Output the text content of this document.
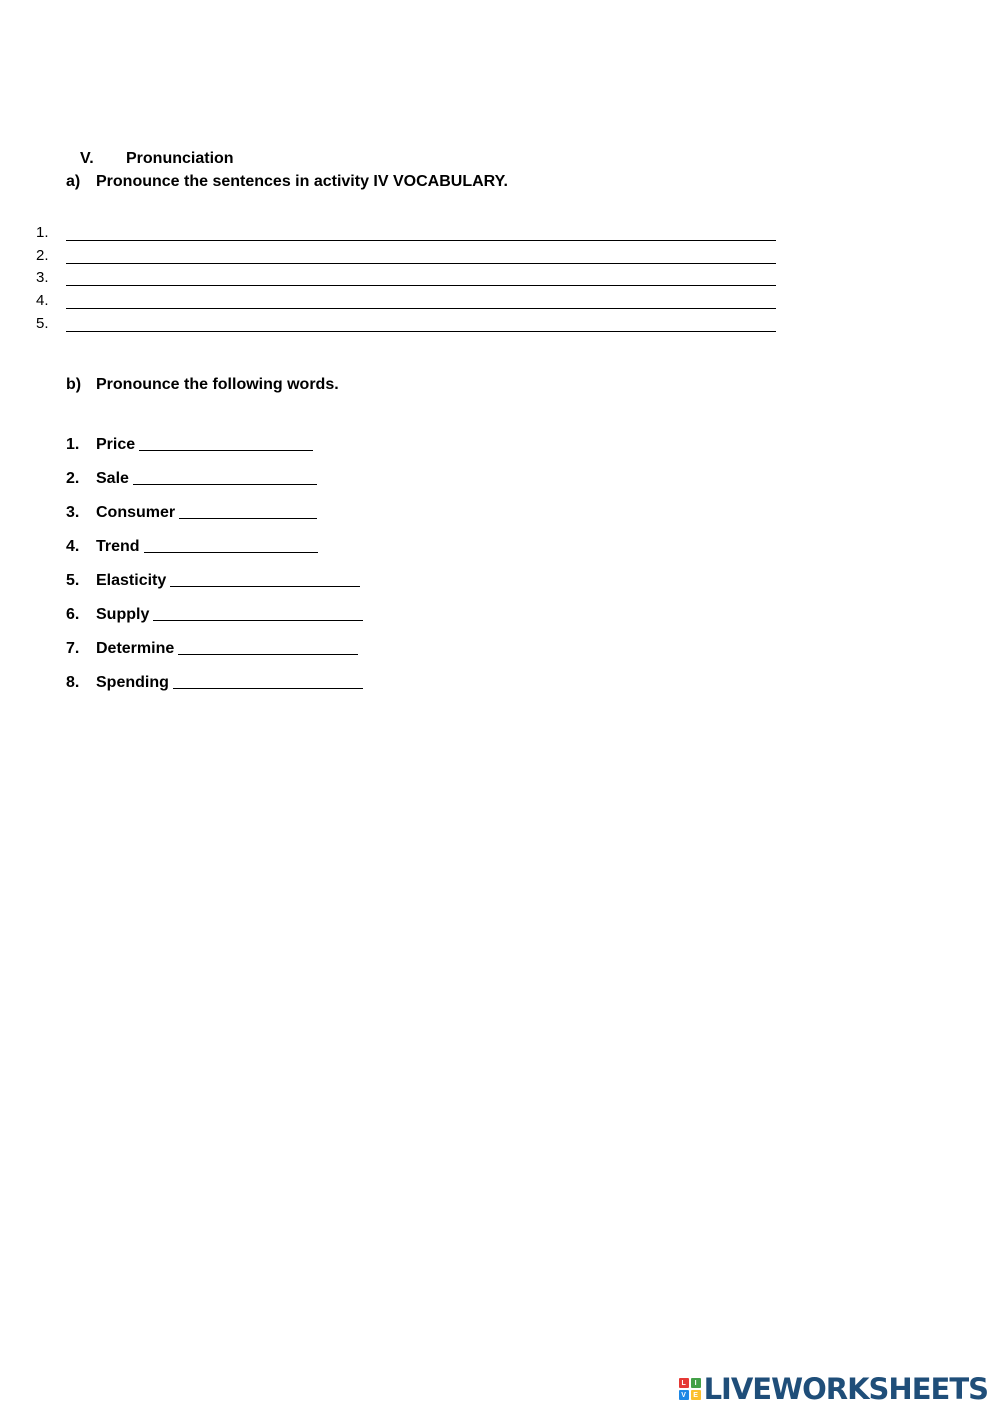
V.	Pronunciation
a) Pronounce the sentences in activity IV VOCABULARY.
1.
2.
3.
4.
5.
b) Pronounce the following words.
1.	Price
2.	Sale
3.	Consumer
4.	Trend
5.	Elasticity
6.	Supply
7.	Determine
8.	Spending
L	I
V	E LIVEWORKSHEETS
